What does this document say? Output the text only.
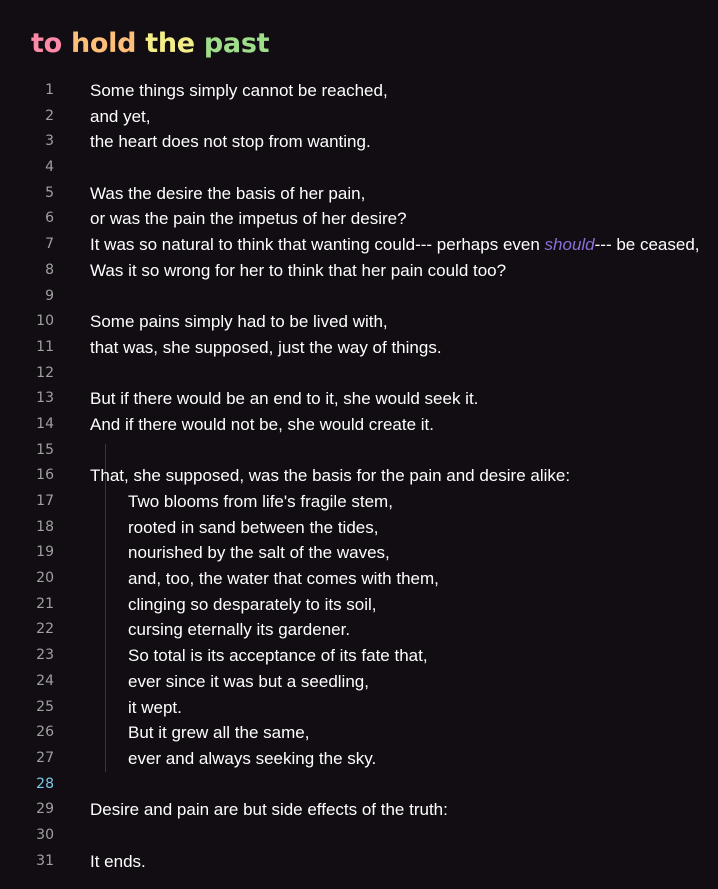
to hold the past
1 Some things simply cannot be reached,
2 and yet,
3 the heart does not stop from wanting.
4
5 Was the desire the basis of her pain,
6 or was the pain the impetus of her desire?
7 It was so natural to think that wanting could--- perhaps even should--- be ceased,
8 Was it so wrong for her to think that her pain could too?
9
10 Some pains simply had to be lived with,
11 that was, she supposed, just the way of things.
12
13 But if there would be an end to it, she would seek it.
14 And if there would not be, she would create it.
15
16 That, she supposed, was the basis for the pain and desire alike:
17	Two blooms from life's fragile stem,
18	rooted in sand between the tides,
19	nourished by the salt of the waves,
20	and, too, the water that comes with them,
21	clinging so desparately to its soil,
22	cursing eternally its gardener.
23	So total is its acceptance of its fate that,
24	ever since it was but a seedling,
25	it wept.
26	But it grew all the same,
27	ever and always seeking the sky.
28
29 Desire and pain are but side effects of the truth:
30
31 It ends.
